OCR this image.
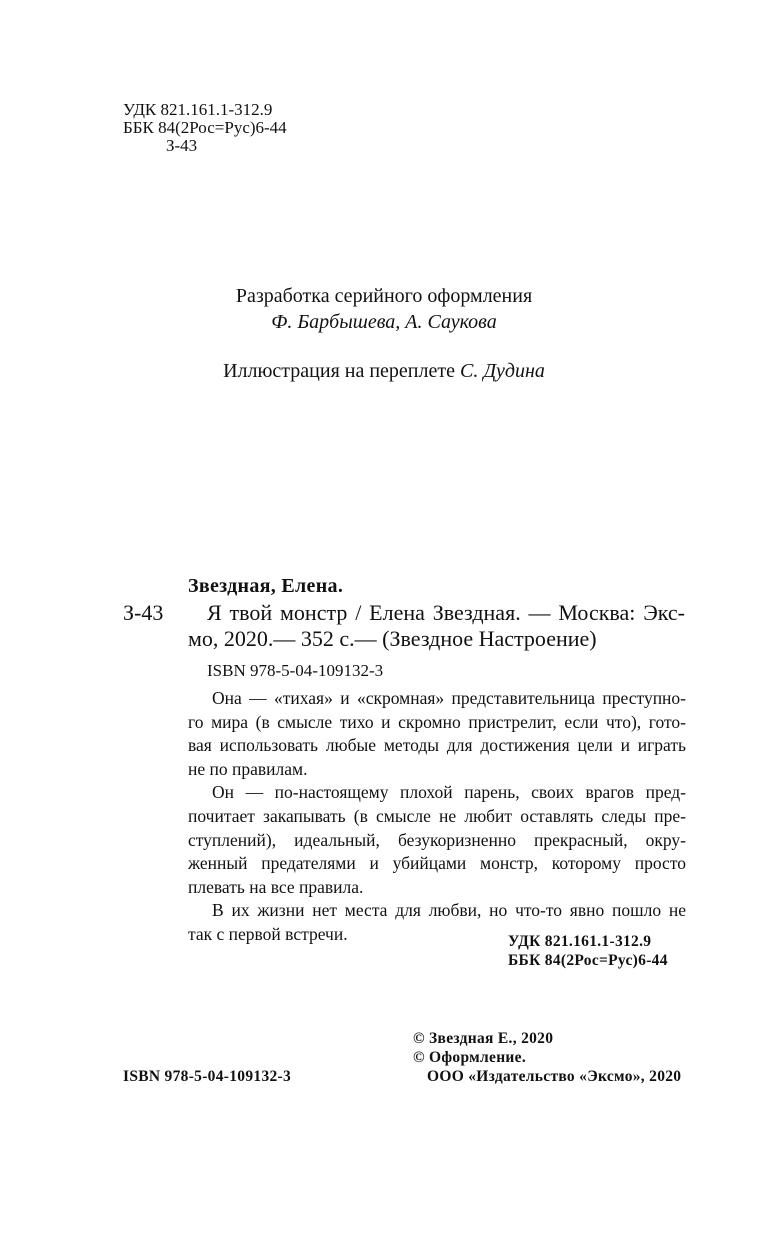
УДК 821.161.1-312.9
ББК 84(2Рос=Рус)6-44
З-43
Разработка серийного оформления
Ф. Барбышева, А. Саукова
Иллюстрация на переплете С. Дудина
Звездная, Елена.
З-43 Я твой монстр / Елена Звездная. — Москва: Экс-
мо, 2020.— 352 с.— (Звездное Настроение)
ISBN 978-5-04-109132-3

Она — «тихая» и «скромная» представительница преступно-
го мира (в смысле тихо и скромно пристрелит, если что), гото-
вая использовать любые методы для достижения цели и играть
не по правилам.

Он — по-настоящему плохой парень, своих врагов пред-
почитает закапывать (в смысле не любит оставлять следы пре-
ступлений), идеальный, безукоризненно прекрасный, окру-
женный предателями и убийцами монстр, которому просто
плевать на все правила.

В их жизни нет места для любви, но что-то явно пошло не
так с первой встречи.	УДК 821.161.1-312.9
ББК 84(2Рос=Рус)6-44
© Звездная Е., 2020
© Оформление.
ООО «Издательство «Эксмо», 2020
ISBN 978-5-04-109132-3
